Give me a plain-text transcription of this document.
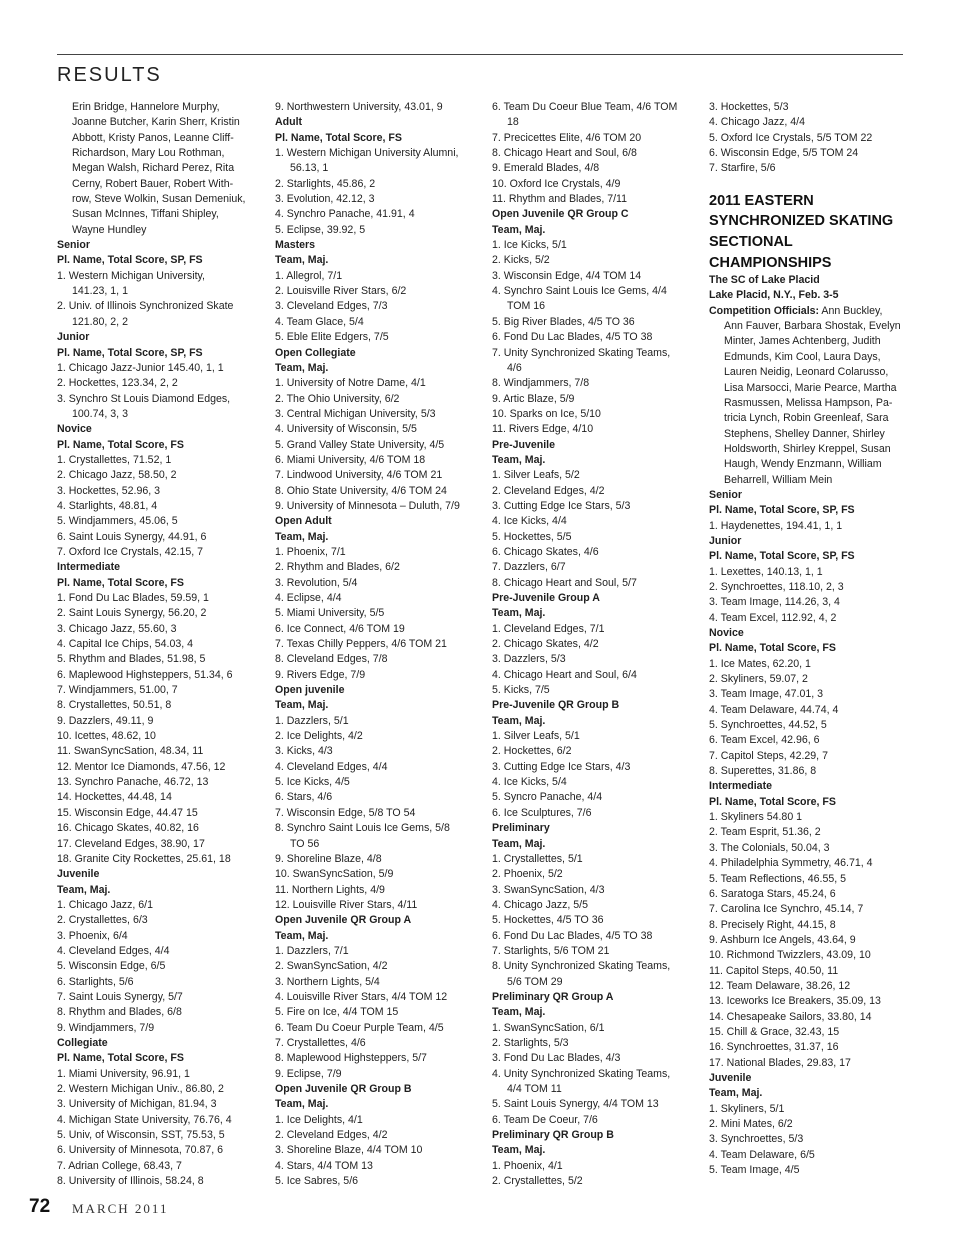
RESULTS
Erin Bridge, Hannelore Murphy,
Joanne Butcher, Karin Sherr, Kristin
Abbott, Kristy Panos, Leanne Cliff-
Richardson, Mary Lou Rothman,
Megan Walsh, Richard Perez, Rita
Cerny, Robert Bauer, Robert With-
row, Steve Wolkin, Susan Demeniuk,
Susan McInnes, Tiffani Shipley,
Wayne Hundley
Senior
Pl. Name, Total Score, SP, FS
1. Western Michigan University,
141.23, 1, 1
2. Univ. of Illinois Synchronized Skate
121.80, 2, 2
Junior
Pl. Name, Total Score, SP, FS
1. Chicago Jazz-Junior 145.40, 1, 1
2. Hockettes, 123.34, 2, 2
3. Synchro St Louis Diamond Edges,
100.74, 3, 3
Novice
Pl. Name, Total Score, FS
1. Crystallettes, 71.52, 1
2. Chicago Jazz, 58.50, 2
3. Hockettes, 52.96, 3
4. Starlights, 48.81, 4
5. Windjammers, 45.06, 5
6. Saint Louis Synergy, 44.91, 6
7. Oxford Ice Crystals, 42.15, 7
Intermediate
Pl. Name, Total Score, FS
1. Fond Du Lac Blades, 59.59, 1
2. Saint Louis Synergy, 56.20, 2
3. Chicago Jazz, 55.60, 3
4. Capital Ice Chips, 54.03, 4
5. Rhythm and Blades, 51.98, 5
6. Maplewood Highsteppers, 51.34, 6
7. Windjammers, 51.00, 7
8. Crystallettes, 50.51, 8
9. Dazzlers, 49.11, 9
10. Icettes, 48.62, 10
11. SwanSyncSation, 48.34, 11
12. Mentor Ice Diamonds, 47.56, 12
13. Synchro Panache, 46.72, 13
14. Hockettes, 44.48, 14
15. Wisconsin Edge, 44.47 15
16. Chicago Skates, 40.82, 16
17. Cleveland Edges, 38.90, 17
18. Granite City Rockettes, 25.61, 18
Juvenile
Team, Maj.
1. Chicago Jazz, 6/1
2. Crystallettes, 6/3
3. Phoenix, 6/4
4. Cleveland Edges, 4/4
5. Wisconsin Edge, 6/5
6. Starlights, 5/6
7. Saint Louis Synergy, 5/7
8. Rhythm and Blades, 6/8
9. Windjammers, 7/9
Collegiate
Pl. Name, Total Score, FS
1. Miami University, 96.91, 1
2. Western Michigan Univ., 86.80, 2
3. University of Michigan, 81.94, 3
4. Michigan State University, 76.76, 4
5. Univ, of Wisconsin, SST, 75.53, 5
6. University of Minnesota, 70.87, 6
7. Adrian College, 68.43, 7
8. University of Illinois, 58.24, 8
9. Northwestern University, 43.01, 9
Adult
Pl. Name, Total Score, FS
1. Western Michigan University Alumni,
56.13, 1
2. Starlights, 45.86, 2
3. Evolution, 42.12, 3
4. Synchro Panache, 41.91, 4
5. Eclipse, 39.92, 5
Masters
Team, Maj.
1. Allegrol, 7/1
2. Louisville River Stars, 6/2
3. Cleveland Edges, 7/3
4. Team Glace, 5/4
5. Eble Elite Edgers, 7/5
Open Collegiate
Team, Maj.
1. University of Notre Dame, 4/1
2. The Ohio University, 6/2
3. Central Michigan University, 5/3
4. University of Wisconsin, 5/5
5. Grand Valley State University, 4/5
6. Miami University, 4/6 TOM 18
7. Lindwood University, 4/6 TOM 21
8. Ohio State University, 4/6 TOM 24
9. University of Minnesota – Duluth, 7/9
Open Adult
Team, Maj.
1. Phoenix, 7/1
2. Rhythm and Blades, 6/2
3. Revolution, 5/4
4. Eclipse, 4/4
5. Miami University, 5/5
6. Ice Connect, 4/6 TOM 19
7. Texas Chilly Peppers, 4/6 TOM 21
8. Cleveland Edges, 7/8
9. Rivers Edge, 7/9
Open juvenile
Team, Maj.
1. Dazzlers, 5/1
2. Ice Delights, 4/2
3. Kicks, 4/3
4. Cleveland Edges, 4/4
5. Ice Kicks, 4/5
6. Stars, 4/6
7. Wisconsin Edge, 5/8 TO 54
8. Synchro Saint Louis Ice Gems, 5/8
TO 56
9. Shoreline Blaze, 4/8
10. SwanSyncSation, 5/9
11. Northern Lights, 4/9
12. Louisville River Stars, 4/11
Open Juvenile QR Group A
Team, Maj.
1. Dazzlers, 7/1
2. SwanSyncSation, 4/2
3. Northern Lights, 5/4
4. Louisville River Stars, 4/4 TOM 12
5. Fire on Ice, 4/4 TOM 15
6. Team Du Coeur Purple Team, 4/5
7. Crystallettes, 4/6
8. Maplewood Highsteppers, 5/7
9. Eclipse, 7/9
Open Juvenile QR Group B
Team, Maj.
1. Ice Delights, 4/1
2. Cleveland Edges, 4/2
3. Shoreline Blaze, 4/4 TOM 10
4. Stars, 4/4 TOM 13
5. Ice Sabres, 5/6
6. Team Du Coeur Blue Team, 4/6 TOM
18
7. Precicettes Elite, 4/6 TOM 20
8. Chicago Heart and Soul, 6/8
9. Emerald Blades, 4/8
10. Oxford Ice Crystals, 4/9
11. Rhythm and Blades, 7/11
Open Juvenile QR Group C
Team, Maj.
1. Ice Kicks, 5/1
2. Kicks, 5/2
3. Wisconsin Edge, 4/4 TOM 14
4. Synchro Saint Louis Ice Gems, 4/4
TOM 16
5. Big River Blades, 4/5 TO 36
6. Fond Du Lac Blades, 4/5 TO 38
7. Unity Synchronized Skating Teams,
4/6
8. Windjammers, 7/8
9. Artic Blaze, 5/9
10. Sparks on Ice, 5/10
11. Rivers Edge, 4/10
Pre-Juvenile
Team, Maj.
1. Silver Leafs, 5/2
2. Cleveland Edges, 4/2
3. Cutting Edge Ice Stars, 5/3
4. Ice Kicks, 4/4
5. Hockettes, 5/5
6. Chicago Skates, 4/6
7. Dazzlers, 6/7
8. Chicago Heart and Soul, 5/7
Pre-Juvenile Group A
Team, Maj.
1. Cleveland Edges, 7/1
2. Chicago Skates, 4/2
3. Dazzlers, 5/3
4. Chicago Heart and Soul, 6/4
5. Kicks, 7/5
Pre-Juvenile QR Group B
Team, Maj.
1. Silver Leafs, 5/1
2. Hockettes, 6/2
3. Cutting Edge Ice Stars, 4/3
4. Ice Kicks, 5/4
5. Syncro Panache, 4/4
6. Ice Sculptures, 7/6
Preliminary
Team, Maj.
1. Crystallettes, 5/1
2. Phoenix, 5/2
3. SwanSyncSation, 4/3
4. Chicago Jazz, 5/5
5. Hockettes, 4/5 TO 36
6. Fond Du Lac Blades, 4/5 TO 38
7. Starlights, 5/6 TOM 21
8. Unity Synchronized Skating Teams,
5/6 TOM 29
Preliminary QR Group A
Team, Maj.
1. SwanSyncSation, 6/1
2. Starlights, 5/3
3. Fond Du Lac Blades, 4/3
4. Unity Synchronized Skating Teams,
4/4 TOM 11
5. Saint Louis Synergy, 4/4 TOM 13
6. Team De Coeur, 7/6
Preliminary QR Group B
Team, Maj.
1. Phoenix, 4/1
2. Crystallettes, 5/2
3. Hockettes, 5/3
4. Chicago Jazz, 4/4
5. Oxford Ice Crystals, 5/5 TOM 22
6. Wisconsin Edge, 5/5 TOM 24
7. Starfire, 5/6
2011 EASTERN
SYNCHRONIZED SKATING
SECTIONAL
CHAMPIONSHIPS
The SC of Lake Placid
Lake Placid, N.Y., Feb. 3-5
Competition Officials: Ann Buckley,
Ann Fauver, Barbara Shostak, Evelyn
Minter, James Achtenberg, Judith
Edmunds, Kim Cool, Laura Days,
Lauren Neidig, Leonard Colarusso,
Lisa Marsocci, Marie Pearce, Martha
Rasmussen, Melissa Hampson, Pa-
tricia Lynch, Robin Greenleaf, Sara
Stephens, Shelley Danner, Shirley
Holdsworth, Shirley Kreppel, Susan
Haugh, Wendy Enzmann, William
Beharrell, William Mein
Senior
Pl. Name, Total Score, SP, FS
1. Haydenettes, 194.41, 1, 1
Junior
Pl. Name, Total Score, SP, FS
1. Lexettes, 140.13, 1, 1
2. Synchroettes, 118.10, 2, 3
3. Team Image, 114.26, 3, 4
4. Team Excel, 112.92, 4, 2
Novice
Pl. Name, Total Score, FS
1. Ice Mates, 62.20, 1
2. Skyliners, 59.07, 2
3. Team Image, 47.01, 3
4. Team Delaware, 44.74, 4
5. Synchroettes, 44.52, 5
6. Team Excel, 42.96, 6
7. Capitol Steps, 42.29, 7
8. Superettes, 31.86, 8
Intermediate
Pl. Name, Total Score, FS
1. Skyliners 54.80 1
2. Team Esprit, 51.36, 2
3. The Colonials, 50.04, 3
4. Philadelphia Symmetry, 46.71, 4
5. Team Reflections, 46.55, 5
6. Saratoga Stars, 45.24, 6
7. Carolina Ice Synchro, 45.14, 7
8. Precisely Right, 44.15, 8
9. Ashburn Ice Angels, 43.64, 9
10. Richmond Twizzlers, 43.09, 10
11. Capitol Steps, 40.50, 11
12. Team Delaware, 38.26, 12
13. Iceworks Ice Breakers, 35.09, 13
14. Chesapeake Sailors, 33.80, 14
15. Chill & Grace, 32.43, 15
16. Synchroettes, 31.37, 16
17. National Blades, 29.83, 17
Juvenile
Team, Maj.
1. Skyliners, 5/1
2. Mini Mates, 6/2
3. Synchroettes, 5/3
4. Team Delaware, 6/5
5. Team Image, 4/5
72 MARCH 2011
